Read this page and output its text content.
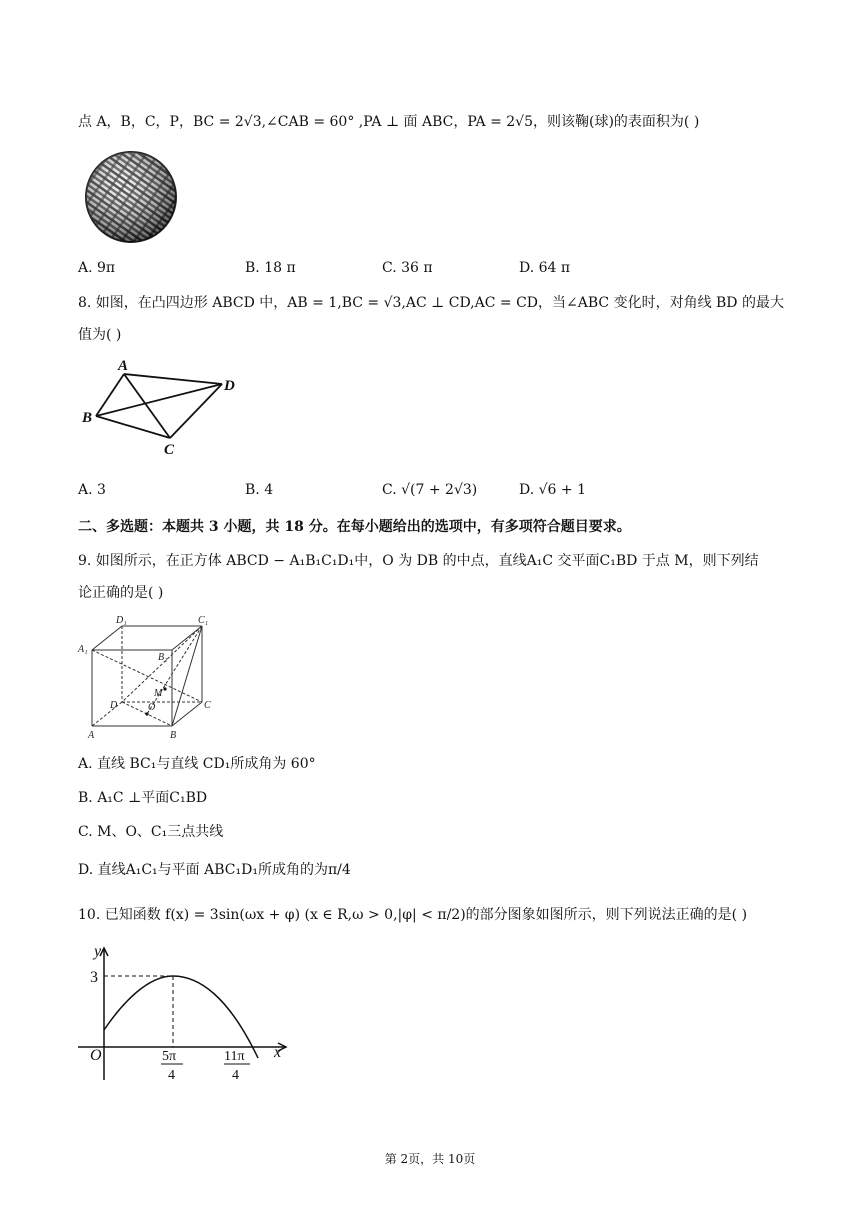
点 A，B，C，P，BC = 2√3,∠CAB = 60° ,PA ⊥ 面 ABC，PA = 2√5，则该鞠(球)的表面积为( )
A. 9π	B. 18 π	C. 36 π	D. 64 π
8. 如图，在凸四边形 ABCD 中，AB = 1,BC = √3,AC ⊥ CD,AC = CD，当∠ABC 变化时，对角线 BD 的最大
值为( )
A
B
C
D
A. 3	B. 4	C. √(7 + 2√3)	D. √6 + 1
二、多选题：本题共 3 小题，共 18 分。在每小题给出的选项中，有多项符合题目要求。
9. 如图所示，在正方体 ABCD − A₁B₁C₁D₁中，O 为 DB 的中点，直线A₁C 交平面C₁BD 于点 M，则下列结
论正确的是( )
D₁	C₁
A₁
B₁
M
D	O	C
A	B
A. 直线 BC₁与直线 CD₁所成角为 60°
B. A₁C ⊥平面C₁BD
C. M、O、C₁三点共线
D. 直线A₁C₁与平面 ABC₁D₁所成角的为π/4
10. 已知函数 f(x) = 3sin(ωx + φ) (x ∈ R,ω > 0,|φ| < π/2)的部分图象如图所示，则下列说法正确的是( )
y
x
O
3
5π
4
11π
4
第 2页，共 10页
